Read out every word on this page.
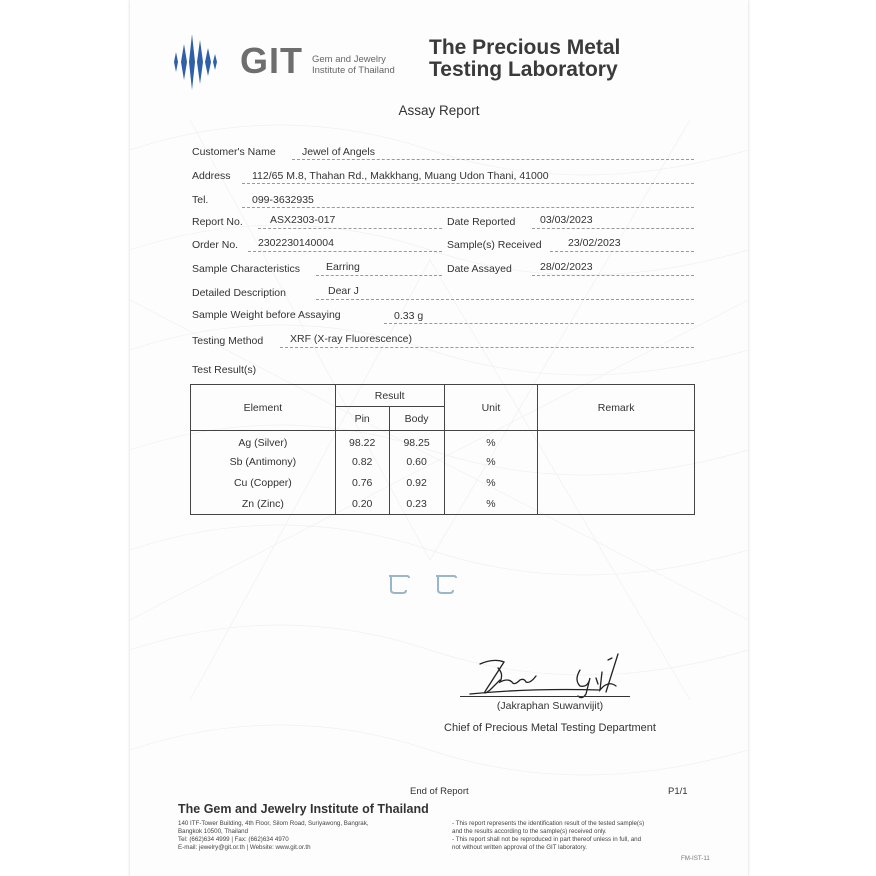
GIT Gem and Jewelry
Institute of Thailand
The Precious Metal
Testing Laboratory
Assay Report
Customer's Name	Jewel of Angels
Address 112/65 M.8, Thahan Rd., Makkhang, Muang Udon Thani, 41000
Tel.	099-3632935
Report No.	ASX2303-017	Date Reported 03/03/2023
Order No. 2302230140004	Sample(s) Received	23/02/2023
Sample Characteristics Earring	Date Assayed	28/02/2023
Detailed Description	Dear J
Sample Weight before Assaying	0.33 g
Testing Method	XRF (X-ray Fluorescence)
Test Result(s)
Element	Result		Unit	Remark
	Pin	Body		
Ag (Silver)	98.22	98.25	%	
Sb (Antimony)	0.82	0.60	%	
Cu (Copper)	0.76	0.92	%	
Zn (Zinc)	0.20	0.23	%	
(Jakraphan Suwanvijit)
Chief of Precious Metal Testing Department
End of Report	P1/1
The Gem and Jewelry Institute of Thailand
140 ITF-Tower Building, 4th Floor, Silom Road, Suriyawong, Bangrak,
Bangkok 10500, Thailand
Tel: (662)634 4999 | Fax: (662)634 4970
E-mail: jewelry@git.or.th | Website: www.git.or.th
- This report represents the identification result of the tested sample(s)
and the results according to the sample(s) received only.
- This report shall not be reproduced in part thereof unless in full, and
not without written approval of the GIT laboratory.
FM-IST-11
